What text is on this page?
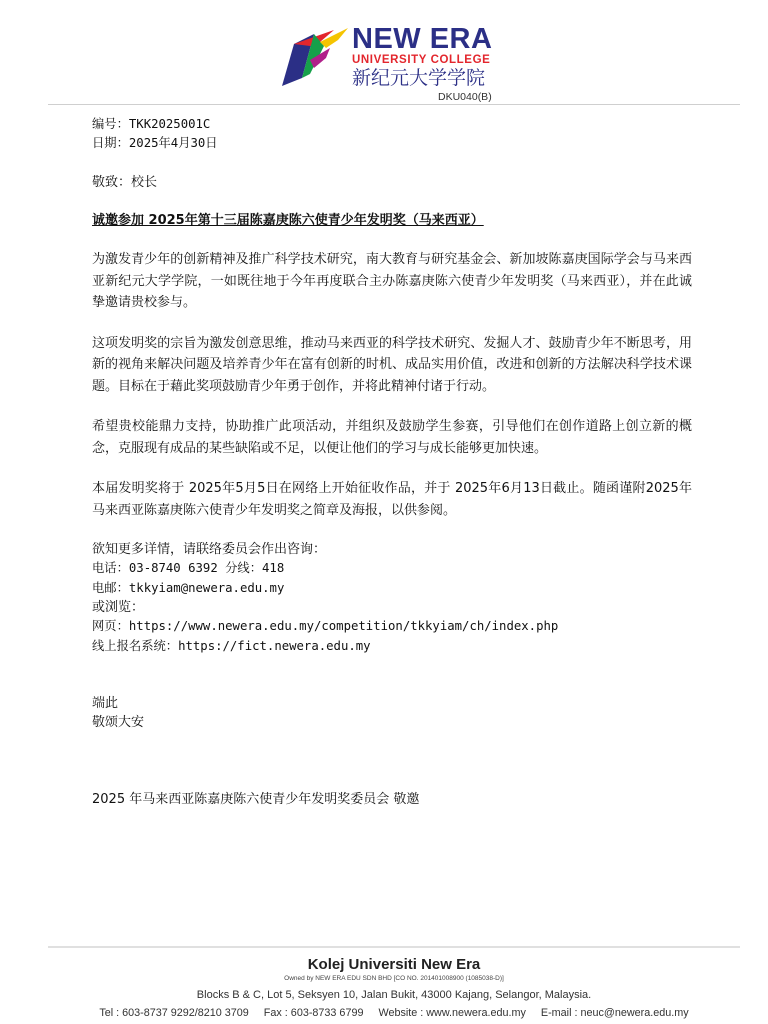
NEW ERA
UNIVERSITY COLLEGE
新纪元大学学院
DKU040(B)

编号：TKK2025001C

日期：2025年4月30日

敬致：校长

诚邀参加 2025年第十三届陈嘉庚陈六使青少年发明奖（马来西亚）

为激发青少年的创新精神及推广科学技术研究，南大教育与研究基金会、新加坡陈嘉庚国际学会与马来西亚新纪元大学学院，一如既往地于今年再度联合主办陈嘉庚陈六使青少年发明奖（马来西亚），并在此诚挚邀请贵校参与。

这项发明奖的宗旨为激发创意思维，推动马来西亚的科学技术研究、发掘人才、鼓励青少年不断思考，用新的视角来解决问题及培养青少年在富有创新的时机、成品实用价值，改进和创新的方法解决科学技术课题。目标在于藉此奖项鼓励青少年勇于创作，并将此精神付诸于行动。

希望贵校能鼎力支持，协助推广此项活动，并组织及鼓励学生参赛，引导他们在创作道路上创立新的概念，克服现有成品的某些缺陷或不足，以便让他们的学习与成长能够更加快速。

本届发明奖将于 2025年5月5日在网络上开始征收作品，并于 2025年6月13日截止。随函谨附2025年马来西亚陈嘉庚陈六使青少年发明奖之简章及海报，以供参阅。

欲知更多详情，请联络委员会作出咨询：

电话：03-8740 6392 分线：418

电邮：tkkyiam@newera.edu.my

或浏览：

网页：https://www.newera.edu.my/competition/tkkyiam/ch/index.php

线上报名系统：https://fict.newera.edu.my

端此

敬颂大安

2025 年马来西亚陈嘉庚陈六使青少年发明奖委员会 敬邀

Kolej Universiti New Era
Owned by NEW ERA EDU SDN BHD [CO NO. 201401008900 (1085038-D)]
Blocks B & C, Lot 5, Seksyen 10, Jalan Bukit, 43000 Kajang, Selangor, Malaysia.
Tel : 603-8737 9292/8210 3709     Fax : 603-8733 6799     Website : www.newera.edu.my     E-mail : neuc@newera.edu.my
